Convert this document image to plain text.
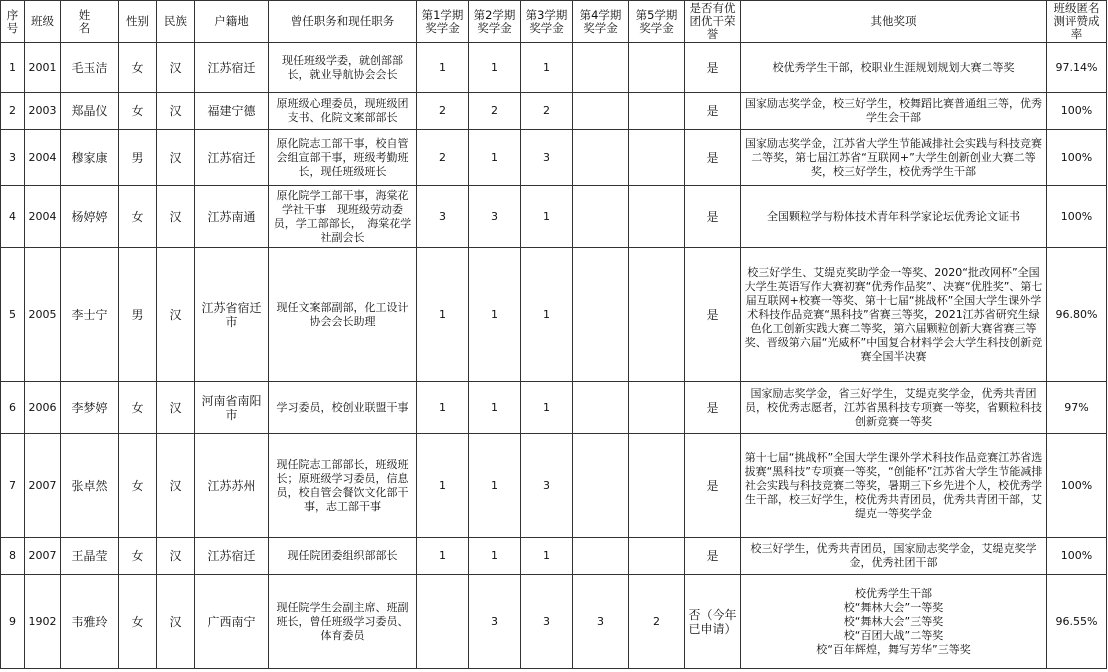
序号	班级	姓 名	性别	民族	户籍地	曾任职务和现任职务	第1学期奖学金	第2学期奖学金	第3学期奖学金	第4学期奖学金	第5学期奖学金	是否有优团优干荣誉	其他奖项	班级匿名测评赞成率
1	2001	毛玉洁	女	汉	江苏宿迁	现任班级学委，就创部部长，就业导航协会会长	1	1	1			是	校优秀学生干部，校职业生涯规划规划大赛二等奖	97.14%
2	2003	郑晶仪	女	汉	福建宁德	原班级心理委员，现班级团支书、化院文案部部长	2	2	2			是	国家励志奖学金，校三好学生，校舞蹈比赛普通组三等，优秀学生会干部	100%
3	2004	穆家康	男	汉	江苏宿迁	原化院志工部干事，校自管会组宣部干事，班级考勤班长，现任班级班长	2	1	3			是	国家励志奖学金，江苏省大学生节能减排社会实践与科技竞赛二等奖，第七届江苏省“互联网+”大学生创新创业大赛二等奖，校三好学生，校优秀学生干部	100%
4	2004	杨婷婷	女	汉	江苏南通	原化院学工部干事，海棠花学社干事　现班级劳动委员，学工部部长，　海棠花学社副会长	3	3	1			是	全国颗粒学与粉体技术青年科学家论坛优秀论文证书	100%
5	2005	李士宁	男	汉	江苏省宿迁市	现任文案部副部，化工设计协会会长助理	1	1	1			是	校三好学生、艾缇克奖助学金一等奖、2020“批改网杯”全国大学生英语写作大赛初赛“优秀作品奖”、决赛“优胜奖”、第七届互联网+校赛一等奖、第十七届“挑战杯”全国大学生课外学术科技作品竞赛“黑科技”省赛三等奖，2021江苏省研究生绿色化工创新实践大赛二等奖，第六届颗粒创新大赛省赛三等奖、晋级第六届“光威杯”中国复合材料学会大学生科技创新竞赛全国半决赛	96.80%
6	2006	李梦婷	女	汉	河南省南阳市	学习委员，校创业联盟干事	1	1	1			是	国家励志奖学金，省三好学生，艾缇克奖学金，优秀共青团员，校优秀志愿者，江苏省黑科技专项赛一等奖，省颗粒科技创新竞赛一等奖	97%
7	2007	张卓然	女	汉	江苏苏州	现任院志工部部长，班级班长；原班级学习委员，信息员，校自管会餐饮文化部干事，志工部干事	1	1	3			是	第十七届“挑战杯”全国大学生课外学术科技作品竞赛江苏省选拔赛“黑科技”专项赛一等奖，“创能杯”江苏省大学生节能减排社会实践与科技竞赛二等奖，暑期三下乡先进个人，校优秀学生干部，校三好学生，校优秀共青团员，优秀共青团干部，艾缇克一等奖学金	100%
8	2007	王晶莹	女	汉	江苏宿迁	现任院团委组织部部长	1	1	1			是	校三好学生，优秀共青团员，国家励志奖学金，艾缇克奖学金，优秀社团干部	100%
9	1902	韦雅玲	女	汉	广西南宁	现任院学生会副主席、班副班长，曾任班级学习委员、体育委员		3	3	3	2	否（今年已申请）	校优秀学生干部
校“舞林大会”一等奖
校“舞林大会”三等奖
校“百团大战”二等奖
校“百年辉煌，舞写芳华”三等奖	96.55%
